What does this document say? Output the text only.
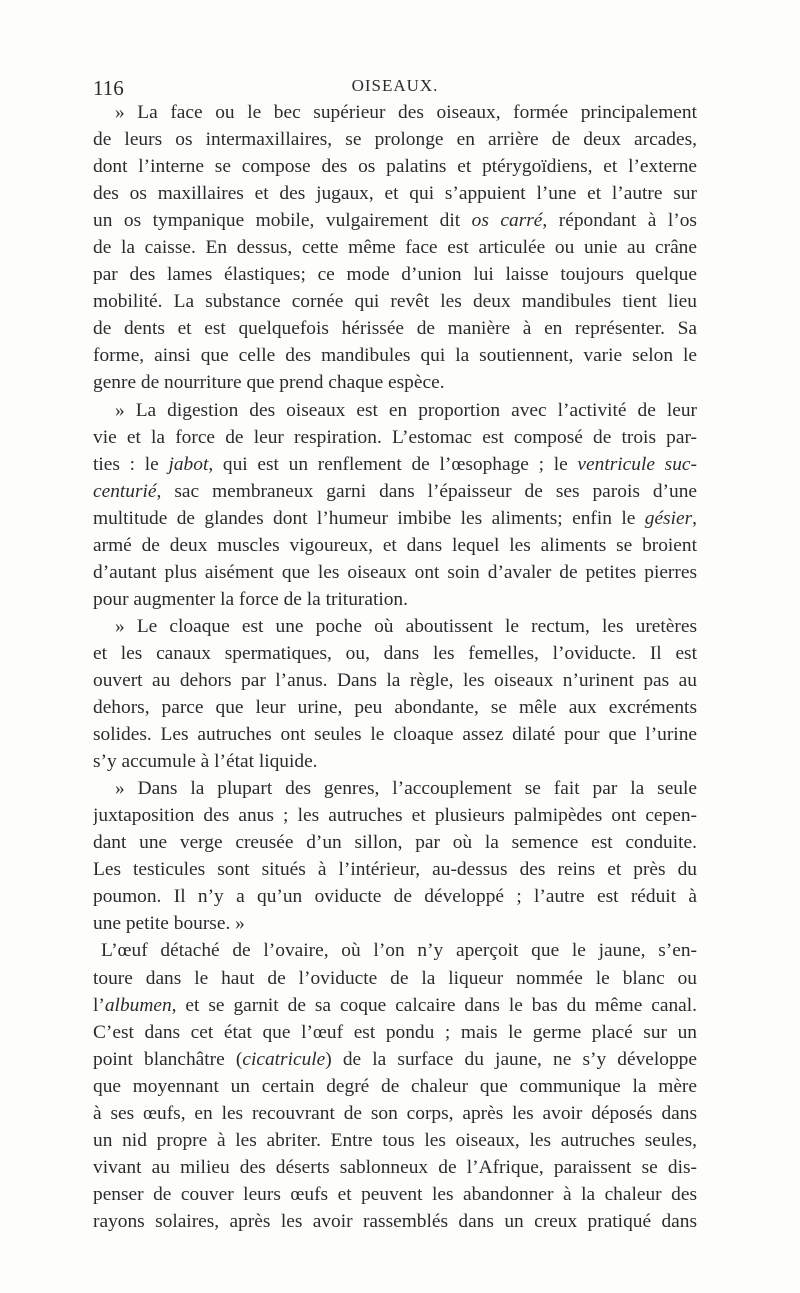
116	OISEAUX.
» La face ou le bec supérieur des oiseaux, formée principalement
de leurs os intermaxillaires, se prolonge en arrière de deux arcades,
dont l’interne se compose des os palatins et ptérygoïdiens, et l’externe
des os maxillaires et des jugaux, et qui s’appuient l’une et l’autre sur
un os tympanique mobile, vulgairement dit os carré, répondant à l’os
de la caisse. En dessus, cette même face est articulée ou unie au crâne
par des lames élastiques; ce mode d’union lui laisse toujours quelque
mobilité. La substance cornée qui revêt les deux mandibules tient lieu
de dents et est quelquefois hérissée de manière à en représenter. Sa
forme, ainsi que celle des mandibules qui la soutiennent, varie selon le
genre de nourriture que prend chaque espèce.
» La digestion des oiseaux est en proportion avec l’activité de leur
vie et la force de leur respiration. L’estomac est composé de trois par-
ties : le jabot, qui est un renflement de l’œsophage ; le ventricule suc-
centurié, sac membraneux garni dans l’épaisseur de ses parois d’une
multitude de glandes dont l’humeur imbibe les aliments; enfin le gésier,
armé de deux muscles vigoureux, et dans lequel les aliments se broient
d’autant plus aisément que les oiseaux ont soin d’avaler de petites pierres
pour augmenter la force de la trituration.
» Le cloaque est une poche où aboutissent le rectum, les uretères
et les canaux spermatiques, ou, dans les femelles, l’oviducte. Il est
ouvert au dehors par l’anus. Dans la règle, les oiseaux n’urinent pas au
dehors, parce que leur urine, peu abondante, se mêle aux excréments
solides. Les autruches ont seules le cloaque assez dilaté pour que l’urine
s’y accumule à l’état liquide.
» Dans la plupart des genres, l’accouplement se fait par la seule
juxtaposition des anus ; les autruches et plusieurs palmipèdes ont cepen-
dant une verge creusée d’un sillon, par où la semence est conduite.
Les testicules sont situés à l’intérieur, au-dessus des reins et près du
poumon. Il n’y a qu’un oviducte de développé ; l’autre est réduit à
une petite bourse. »
L’œuf détaché de l’ovaire, où l’on n’y aperçoit que le jaune, s’en-
toure dans le haut de l’oviducte de la liqueur nommée le blanc ou
l’albumen, et se garnit de sa coque calcaire dans le bas du même canal.
C’est dans cet état que l’œuf est pondu ; mais le germe placé sur un
point blanchâtre (cicatricule) de la surface du jaune, ne s’y développe
que moyennant un certain degré de chaleur que communique la mère
à ses œufs, en les recouvrant de son corps, après les avoir déposés dans
un nid propre à les abriter. Entre tous les oiseaux, les autruches seules,
vivant au milieu des déserts sablonneux de l’Afrique, paraissent se dis-
penser de couver leurs œufs et peuvent les abandonner à la chaleur des
rayons solaires, après les avoir rassemblés dans un creux pratiqué dans
